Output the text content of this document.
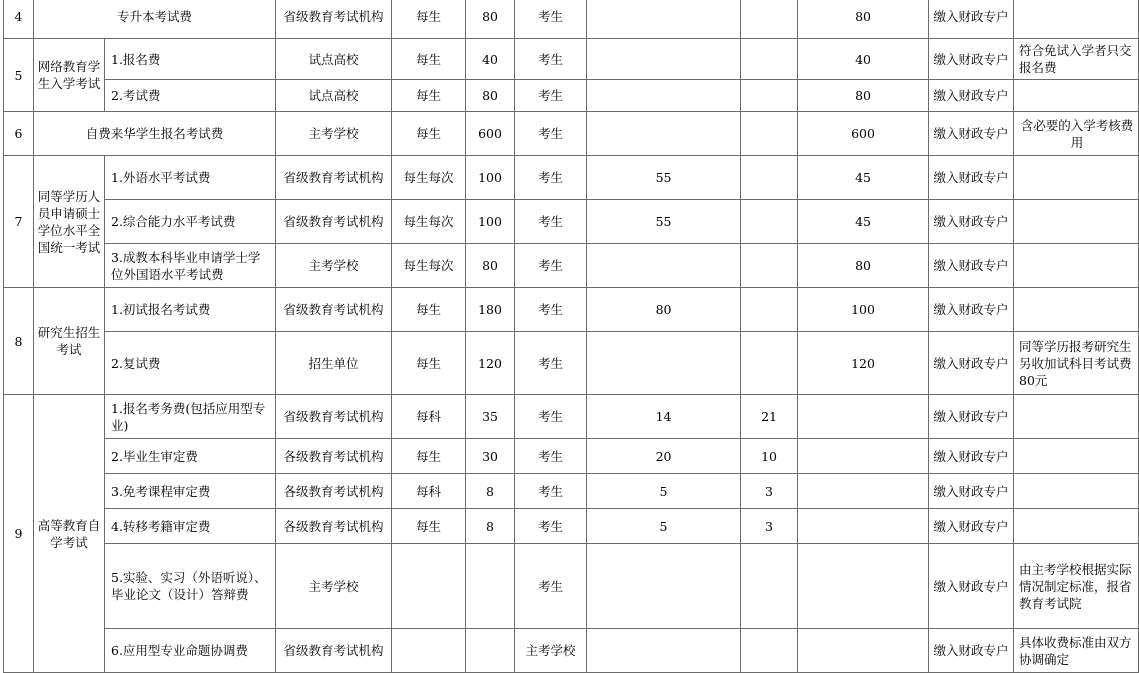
4	专升本考试费		省级教育考试机构	每生	80	考生			80	缴入财政专户	
5	网络教育学生入学考试	1.报名费	试点高校	每生	40	考生			40	缴入财政专户	符合免试入学者只交报名费
		2.考试费	试点高校	每生	80	考生			80	缴入财政专户	
6	自费来华学生报名考试费		主考学校	每生	600	考生			600	缴入财政专户	含必要的入学考核费用
7	同等学历人员申请硕士学位水平全国统一考试	1.外语水平考试费	省级教育考试机构	每生每次	100	考生	55		45	缴入财政专户	
		2.综合能力水平考试费	省级教育考试机构	每生每次	100	考生	55		45	缴入财政专户	
		3.成教本科毕业申请学士学位外国语水平考试费	主考学校	每生每次	80	考生			80	缴入财政专户	
8	研究生招生考试	1.初试报名考试费	省级教育考试机构	每生	180	考生	80		100	缴入财政专户	
		2.复试费	招生单位	每生	120	考生			120	缴入财政专户	同等学历报考研究生另收加试科目考试费80元
9	高等教育自学考试	1.报名考务费(包括应用型专业)	省级教育考试机构	每科	35	考生	14	21		缴入财政专户	
		2.毕业生审定费	各级教育考试机构	每生	30	考生	20	10		缴入财政专户	
		3.免考课程审定费	各级教育考试机构	每科	8	考生	5	3		缴入财政专户	
		4.转移考籍审定费	各级教育考试机构	每生	8	考生	5	3		缴入财政专户	
		5.实验、实习（外语听说）、毕业论文（设计）答辩费	主考学校			考生				缴入财政专户	由主考学校根据实际情况制定标准，报省教育考试院
		6.应用型专业命题协调费	省级教育考试机构			主考学校				缴入财政专户	具体收费标准由双方协调确定
